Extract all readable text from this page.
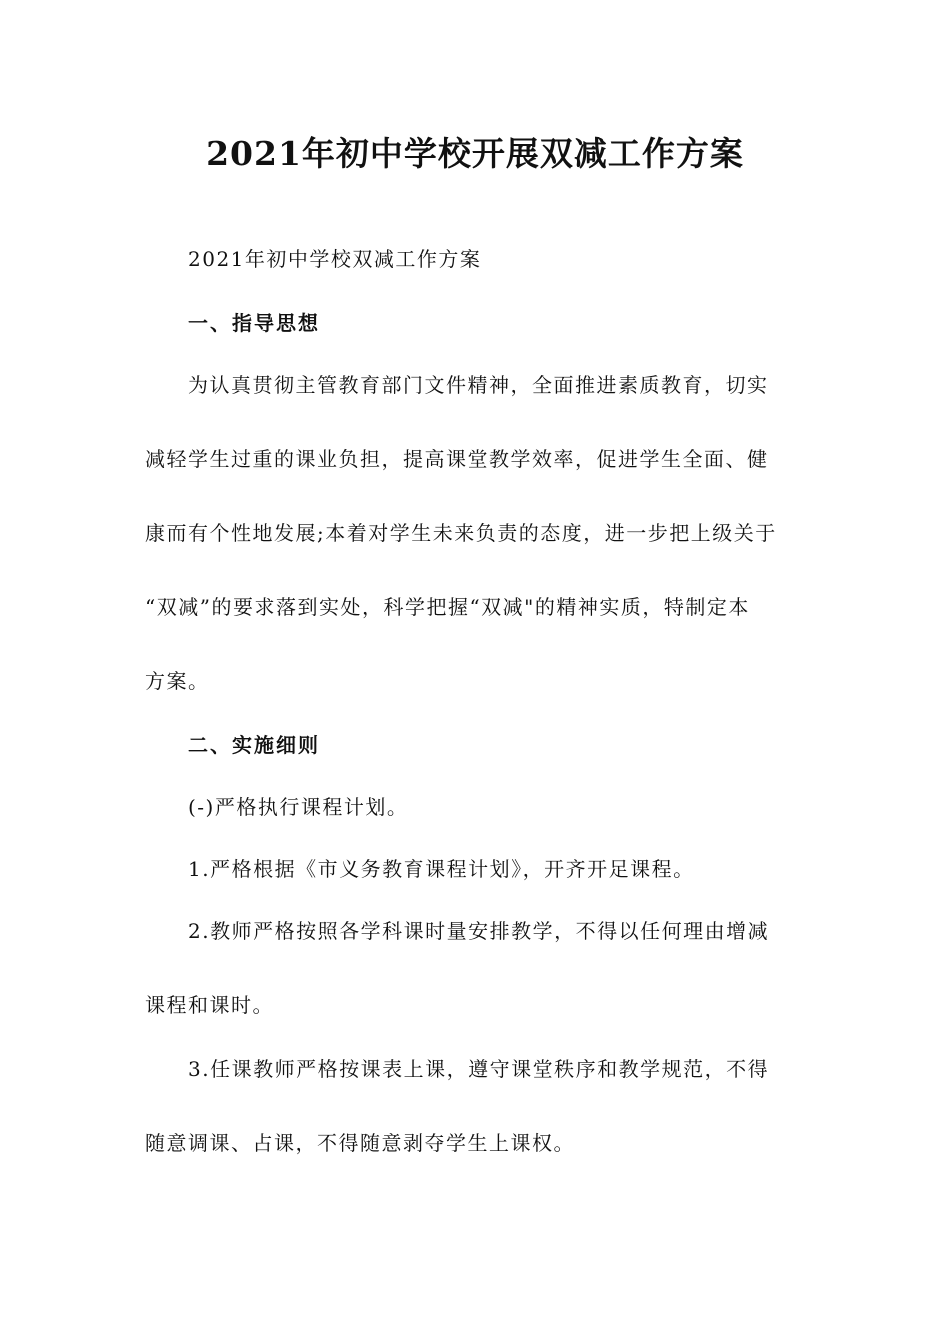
2021年初中学校开展双减工作方案
2021年初中学校双减工作方案
一、指导思想
为认真贯彻主管教育部门文件精神，全面推进素质教育，切实
减轻学生过重的课业负担，提高课堂教学效率，促进学生全面、健
康而有个性地发展;本着对学生未来负责的态度，进一步把上级关于
“双减”的要求落到实处，科学把握“双减"的精神实质，特制定本
方案。
二、实施细则
(-)严格执行课程计划。
1.严格根据《市义务教育课程计划》，开齐开足课程。
2.教师严格按照各学科课时量安排教学，不得以任何理由增减
课程和课时。
3.任课教师严格按课表上课，遵守课堂秩序和教学规范，不得
随意调课、占课，不得随意剥夺学生上课权。
